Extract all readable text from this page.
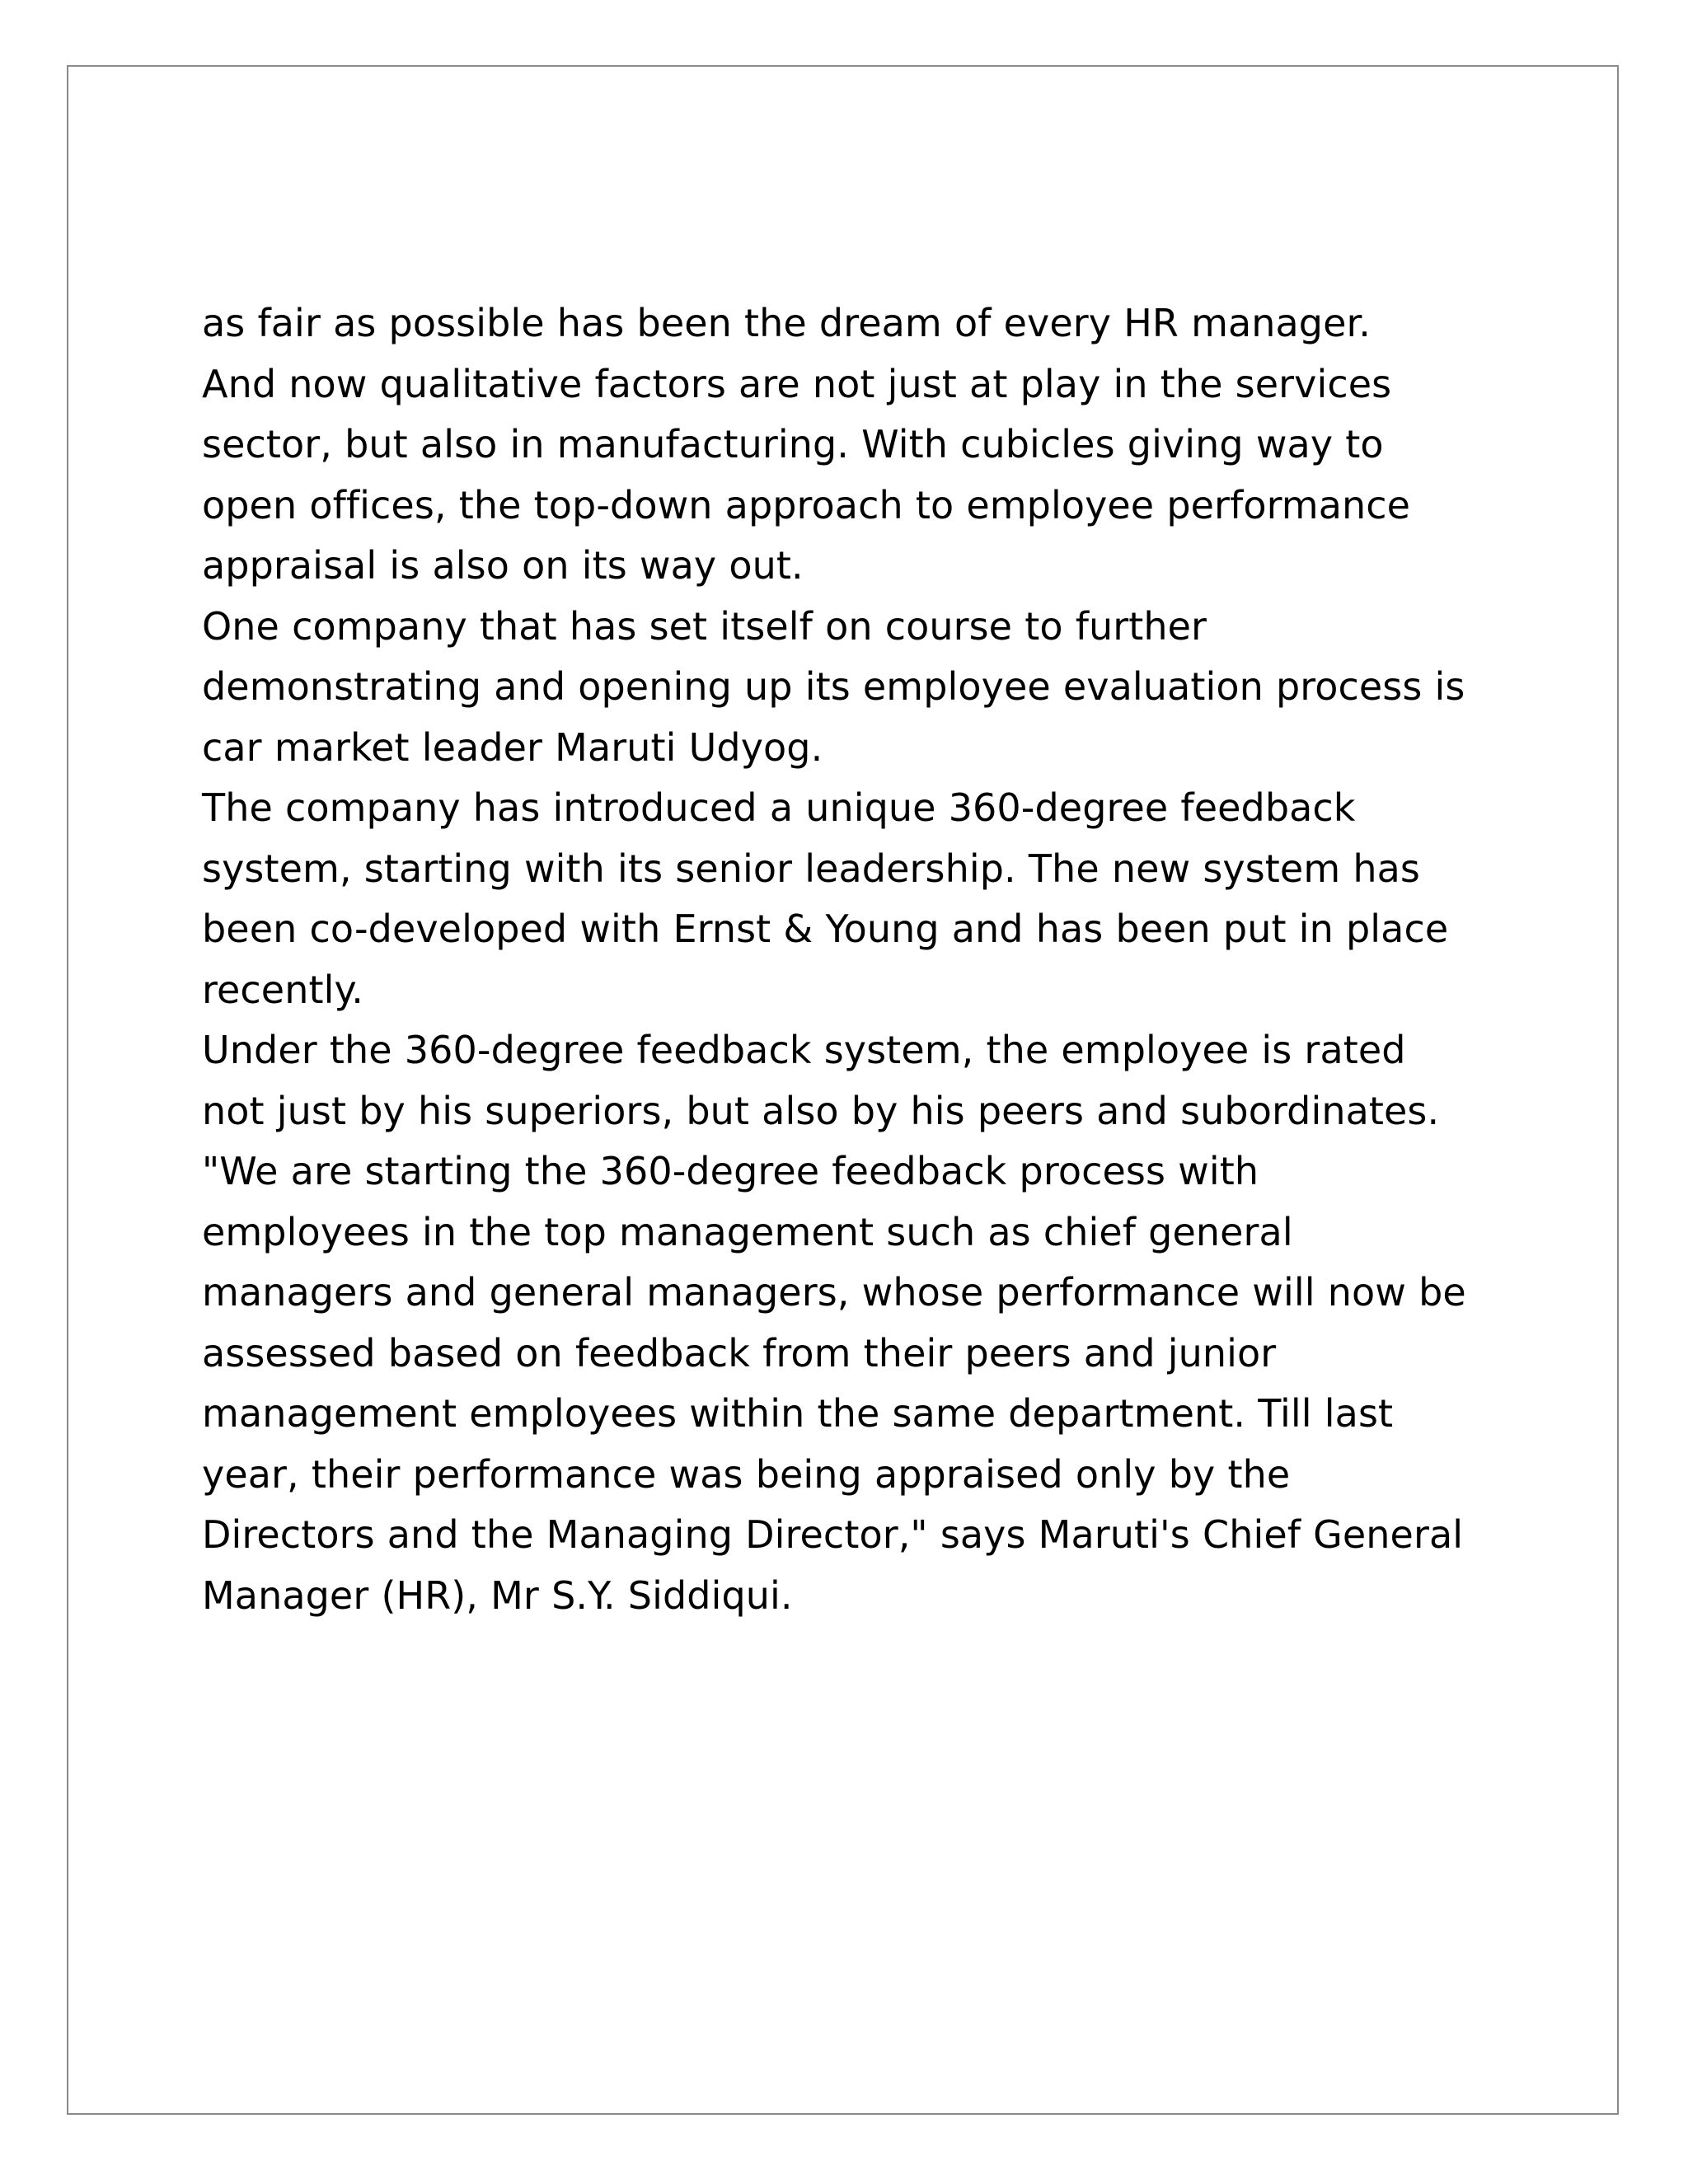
as fair as possible has been the dream of every HR manager.

And now qualitative factors are not just at play in the services sector, but also in manufacturing. With cubicles giving way to open offices, the top-down approach to employee performance appraisal is also on its way out.

One company that has set itself on course to further demonstrating and opening up its employee evaluation process is car market leader Maruti Udyog.

The company has introduced a unique 360-degree feedback system, starting with its senior leadership. The new system has been co-developed with Ernst & Young and has been put in place recently.

Under the 360-degree feedback system, the employee is rated not just by his superiors, but also by his peers and subordinates.

"We are starting the 360-degree feedback process with employees in the top management such as chief general managers and general managers, whose performance will now be assessed based on feedback from their peers and junior management employees within the same department. Till last year, their performance was being appraised only by the Directors and the Managing Director," says Maruti's Chief General Manager (HR), Mr S.Y. Siddiqui.
